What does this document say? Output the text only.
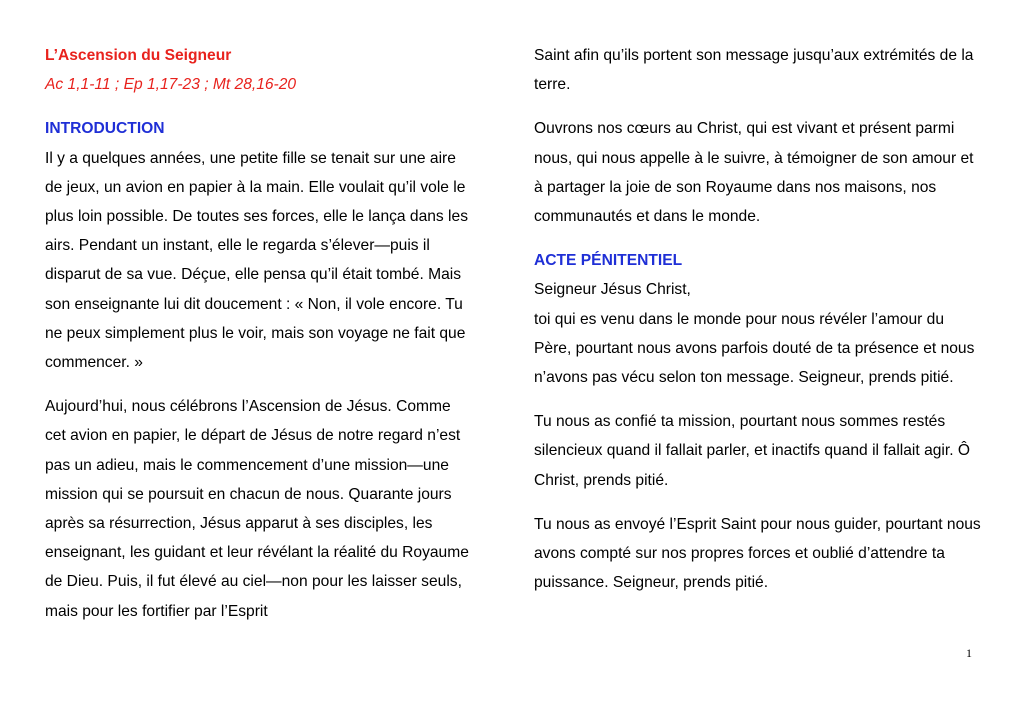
L’Ascension du Seigneur
Ac 1,1-11 ; Ep 1,17-23 ; Mt 28,16-20
INTRODUCTION

Il y a quelques années, une petite fille se tenait sur une aire de jeux, un avion en papier à la main. Elle voulait qu’il vole le plus loin possible. De toutes ses forces, elle le lança dans les airs. Pendant un instant, elle le regarda s’élever—puis il disparut de sa vue. Déçue, elle pensa qu’il était tombé. Mais son enseignante lui dit doucement : « Non, il vole encore. Tu ne peux simplement plus le voir, mais son voyage ne fait que commencer. »

Aujourd’hui, nous célébrons l’Ascension de Jésus. Comme cet avion en papier, le départ de Jésus de notre regard n’est pas un adieu, mais le commencement d’une mission—une mission qui se poursuit en chacun de nous. Quarante jours après sa résurrection, Jésus apparut à ses disciples, les enseignant, les guidant et leur révélant la réalité du Royaume de Dieu. Puis, il fut élevé au ciel—non pour les laisser seuls, mais pour les fortifier par l’Esprit

Saint afin qu’ils portent son message jusqu’aux extrémités de la terre.

Ouvrons nos cœurs au Christ, qui est vivant et présent parmi nous, qui nous appelle à le suivre, à témoigner de son amour et à partager la joie de son Royaume dans nos maisons, nos communautés et dans le monde.

ACTE PÉNITENTIEL
Seigneur Jésus Christ,

toi qui es venu dans le monde pour nous révéler l’amour du Père, pourtant nous avons parfois douté de ta présence et nous n’avons pas vécu selon ton message. Seigneur, prends pitié.

Tu nous as confié ta mission, pourtant nous sommes restés silencieux quand il fallait parler, et inactifs quand il fallait agir. Ô Christ, prends pitié.

Tu nous as envoyé l’Esprit Saint pour nous guider, pourtant nous avons compté sur nos propres forces et oublié d’attendre ta puissance. Seigneur, prends pitié.

1
